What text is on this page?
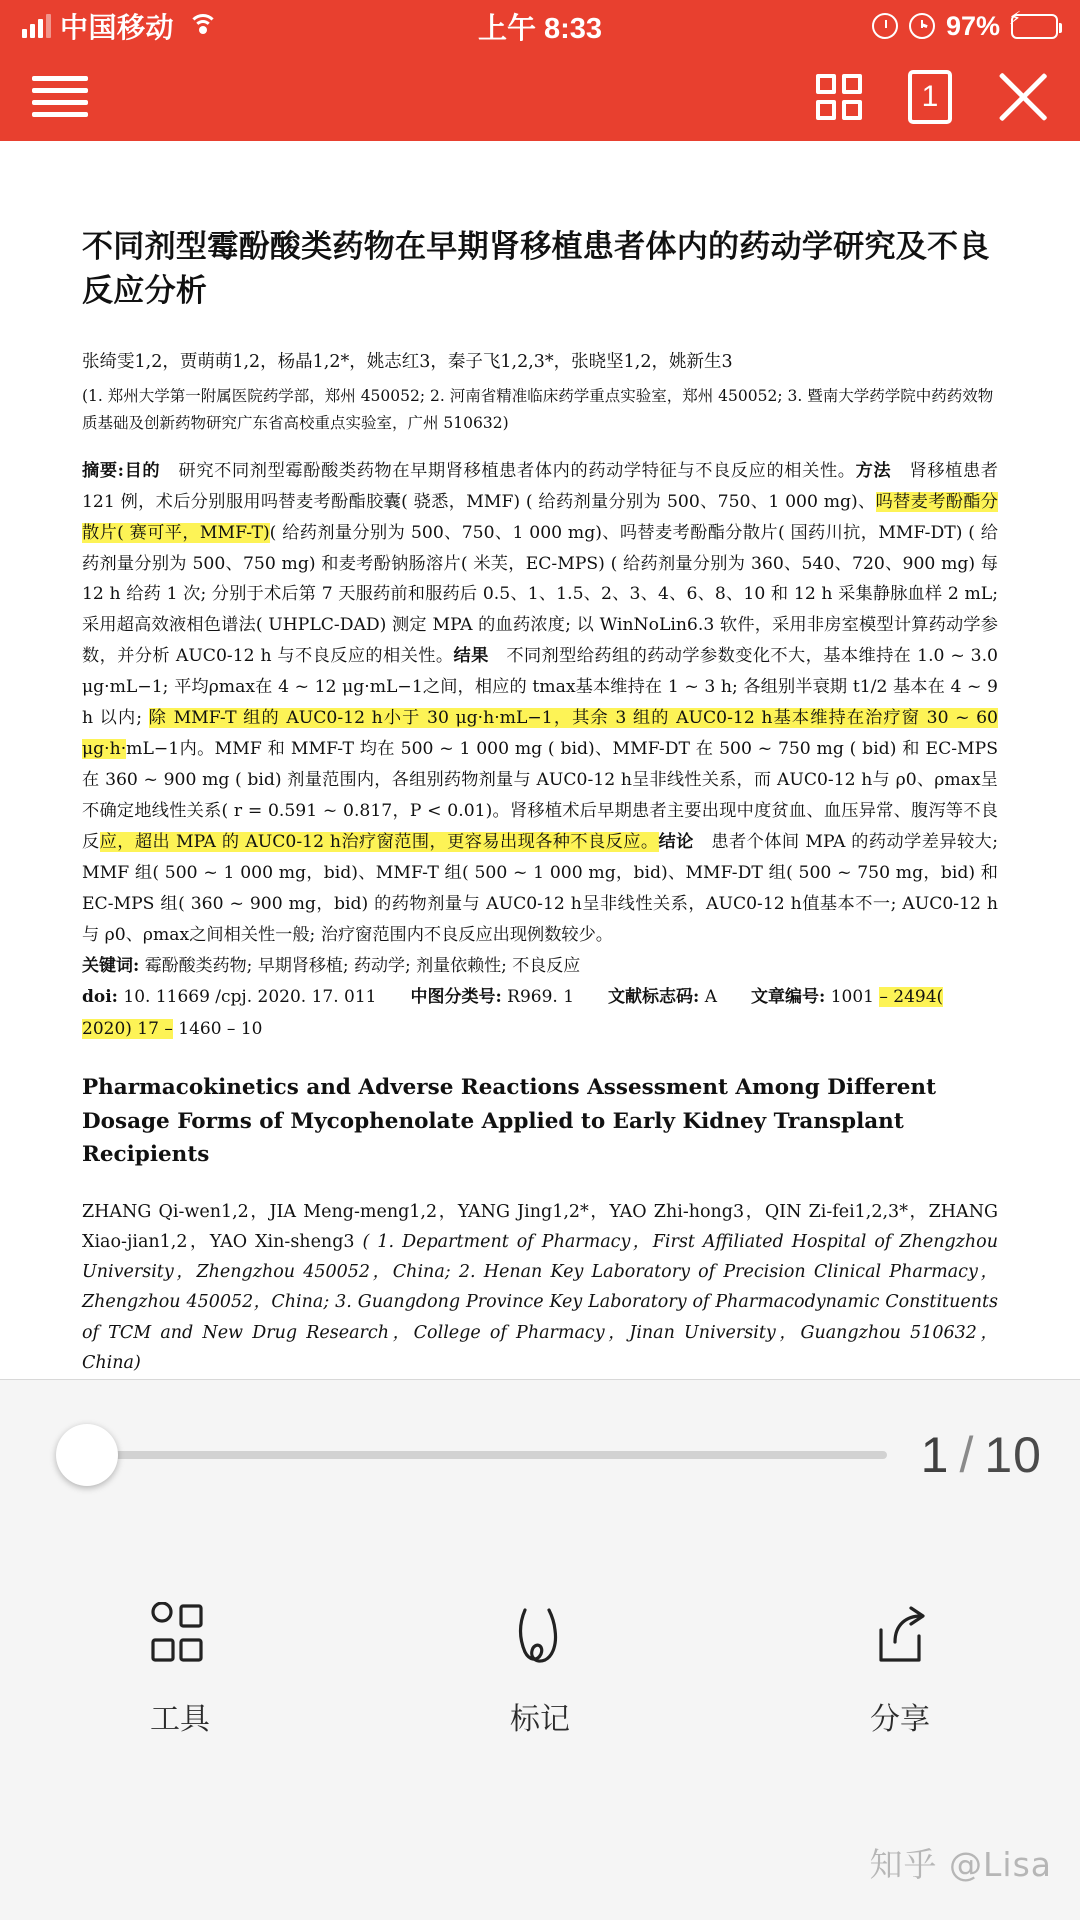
中国移动	上午 8:33	97% ⚡
1
不同剂型霉酚酸类药物在早期肾移植患者体内的药动学研究及不良反应分析
张绮雯1,2，贾萌萌1,2，杨晶1,2*，姚志红3，秦子飞1,2,3*，张晓坚1,2，姚新生3
(1. 郑州大学第一附属医院药学部，郑州 450052; 2. 河南省精准临床药学重点实验室，郑州 450052; 3. 暨南大学药学院中药药效物质基础及创新药物研究广东省高校重点实验室，广州 510632)
摘要:目的 研究不同剂型霉酚酸类药物在早期肾移植患者体内的药动学特征与不良反应的相关性。方法 肾移植患者 121 例，术后分别服用吗替麦考酚酯胶囊( 骁悉，MMF) ( 给药剂量分别为 500、750、1 000 mg)、吗替麦考酚酯分散片( 赛可平，MMF-T)( 给药剂量分别为 500、750、1 000 mg)、吗替麦考酚酯分散片( 国药川抗，MMF-DT) ( 给药剂量分别为 500、750 mg) 和麦考酚钠肠溶片( 米芙，EC-MPS) ( 给药剂量分别为 360、540、720、900 mg) 每 12 h 给药 1 次; 分别于术后第 7 天服药前和服药后 0.5、1、1.5、2、3、4、6、8、10 和 12 h 采集静脉血样 2 mL; 采用超高效液相色谱法( UHPLC-DAD) 测定 MPA 的血药浓度; 以 WinNoLin6.3 软件，采用非房室模型计算药动学参数，并分析 AUC0-12 h 与不良反应的相关性。结果 不同剂型给药组的药动学参数变化不大，基本维持在 1.0 ~ 3.0 μg·mL−1; 平均ρmax在 4 ~ 12 μg·mL−1之间，相应的 tmax基本维持在 1 ~ 3 h; 各组别半衰期 t1/2 基本在 4 ~ 9 h 以内; 除 MMF-T 组的 AUC0-12 h小于 30 μg·h·mL−1，其余 3 组的 AUC0-12 h基本维持在治疗窗 30 ~ 60 μg·h·mL−1内。MMF 和 MMF-T 均在 500 ~ 1 000 mg ( bid)、MMF-DT 在 500 ~ 750 mg ( bid) 和 EC-MPS 在 360 ~ 900 mg ( bid) 剂量范围内，各组别药物剂量与 AUC0-12 h呈非线性关系，而 AUC0-12 h与 ρ0、ρmax呈不确定地线性关系( r = 0.591 ~ 0.817，P < 0.01)。肾移植术后早期患者主要出现中度贫血、血压异常、腹泻等不良反应，超出 MPA 的 AUC0-12 h治疗窗范围，更容易出现各种不良反应。结论 患者个体间 MPA 的药动学差异较大; MMF 组( 500 ~ 1 000 mg，bid)、MMF-T 组( 500 ~ 1 000 mg，bid)、MMF-DT 组( 500 ~ 750 mg，bid) 和 EC-MPS 组( 360 ~ 900 mg，bid) 的药物剂量与 AUC0-12 h呈非线性关系，AUC0-12 h值基本不一; AUC0-12 h与 ρ0、ρmax之间相关性一般; 治疗窗范围内不良反应出现例数较少。
关键词: 霉酚酸类药物; 早期肾移植; 药动学; 剂量依赖性; 不良反应
doi: 10. 11669 /cpj. 2020. 17. 011 中图分类号: R969. 1 文献标志码: A 文章编号: 1001 – 2494( 2020) 17 – 1460 – 10
Pharmacokinetics and Adverse Reactions Assessment Among Different Dosage Forms of Mycophenolate Applied to Early Kidney Transplant Recipients
ZHANG Qi-wen1,2，JIA Meng-meng1,2，YANG Jing1,2*，YAO Zhi-hong3，QIN Zi-fei1,2,3*，ZHANG Xiao-jian1,2，YAO Xin-sheng3 ( 1. Department of Pharmacy，First Affiliated Hospital of Zhengzhou University，Zhengzhou 450052，China; 2. Henan Key Laboratory of Precision Clinical Pharmacy，Zhengzhou 450052，China; 3. Guangdong Province Key Laboratory of Pharmacodynamic Constituents of TCM and New Drug Research，College of Pharmacy，Jinan University，Guangzhou 510632，China)

1 / 10
工具	标记	分享
知乎 @Lisa
